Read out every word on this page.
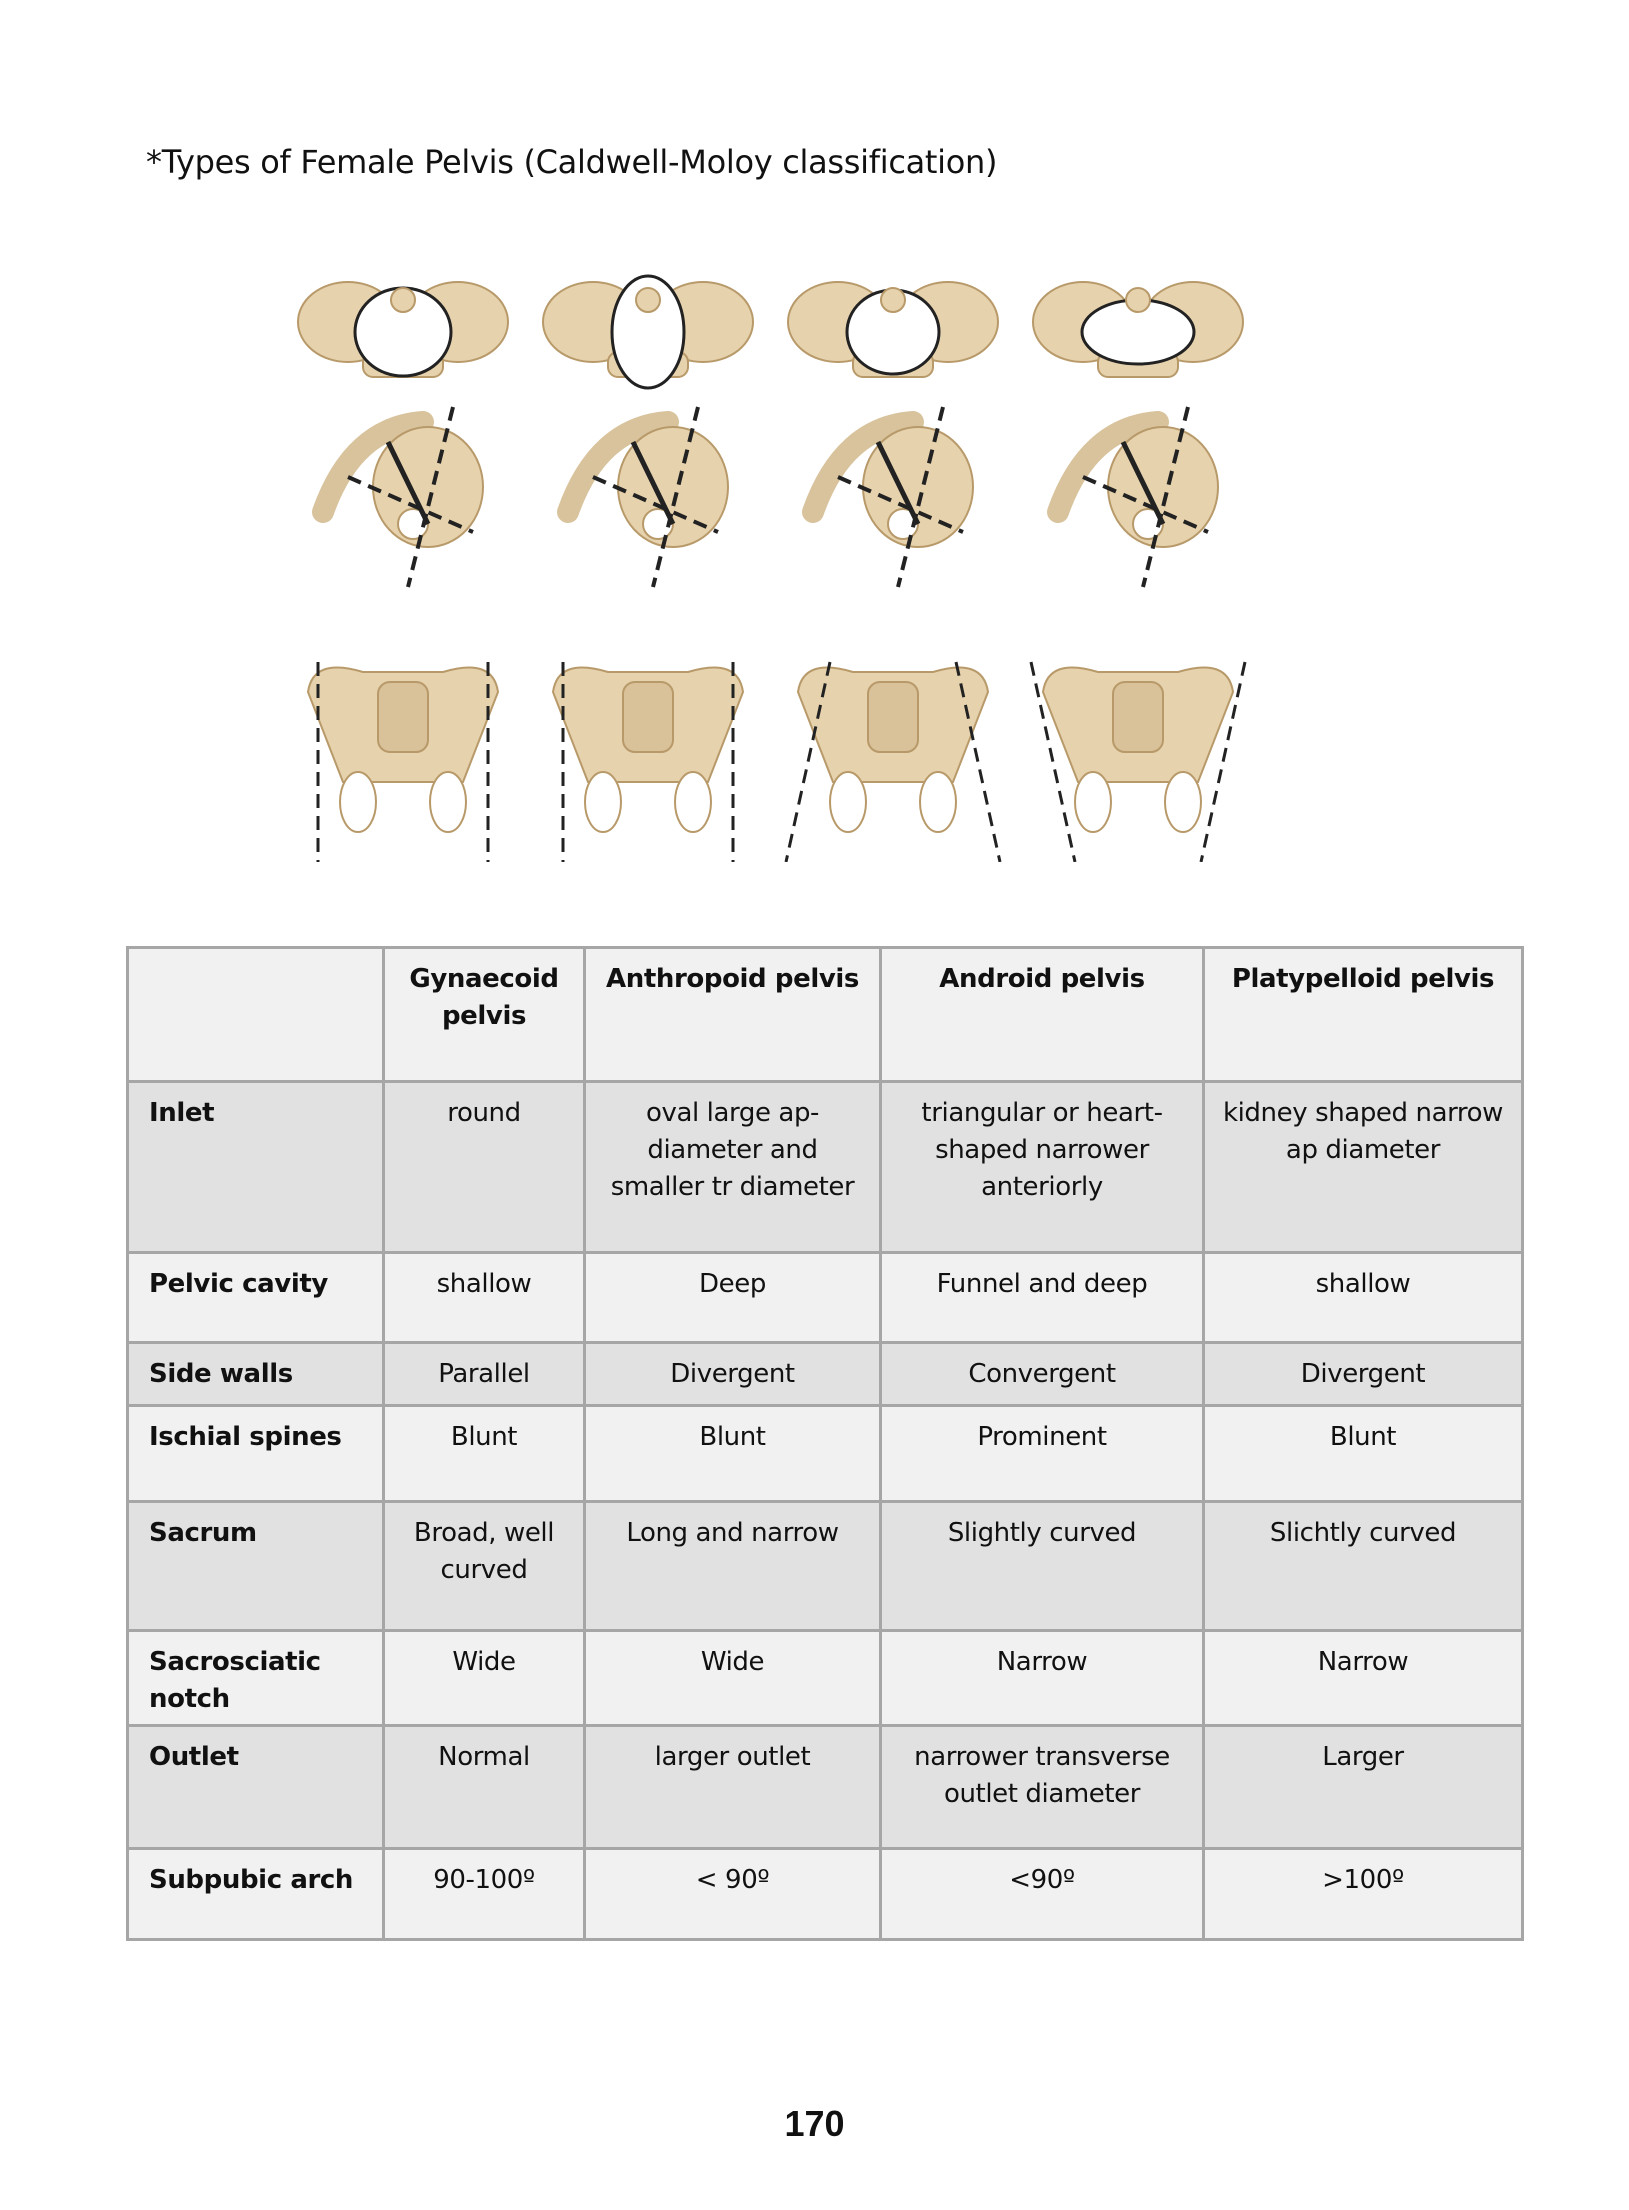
*Types of Female Pelvis (Caldwell-Moloy classification)
	Gynaecoid pelvis	Anthropoid pelvis	Android pelvis	Platypelloid pelvis
Inlet	round	oval large ap-diameter and smaller tr diameter	triangular or heart-shaped narrower anteriorly	kidney shaped narrow ap diameter
Pelvic cavity	shallow	Deep	Funnel and deep	shallow
Side walls	Parallel	Divergent	Convergent	Divergent
Ischial spines	Blunt	Blunt	Prominent	Blunt
Sacrum	Broad, well curved	Long and narrow	Slightly curved	Slichtly curved
Sacrosciatic notch	Wide	Wide	Narrow	Narrow
Outlet	Normal	larger outlet	narrower transverse outlet diameter	Larger
Subpubic arch	90-100º	< 90º	<90º	>100º
170
